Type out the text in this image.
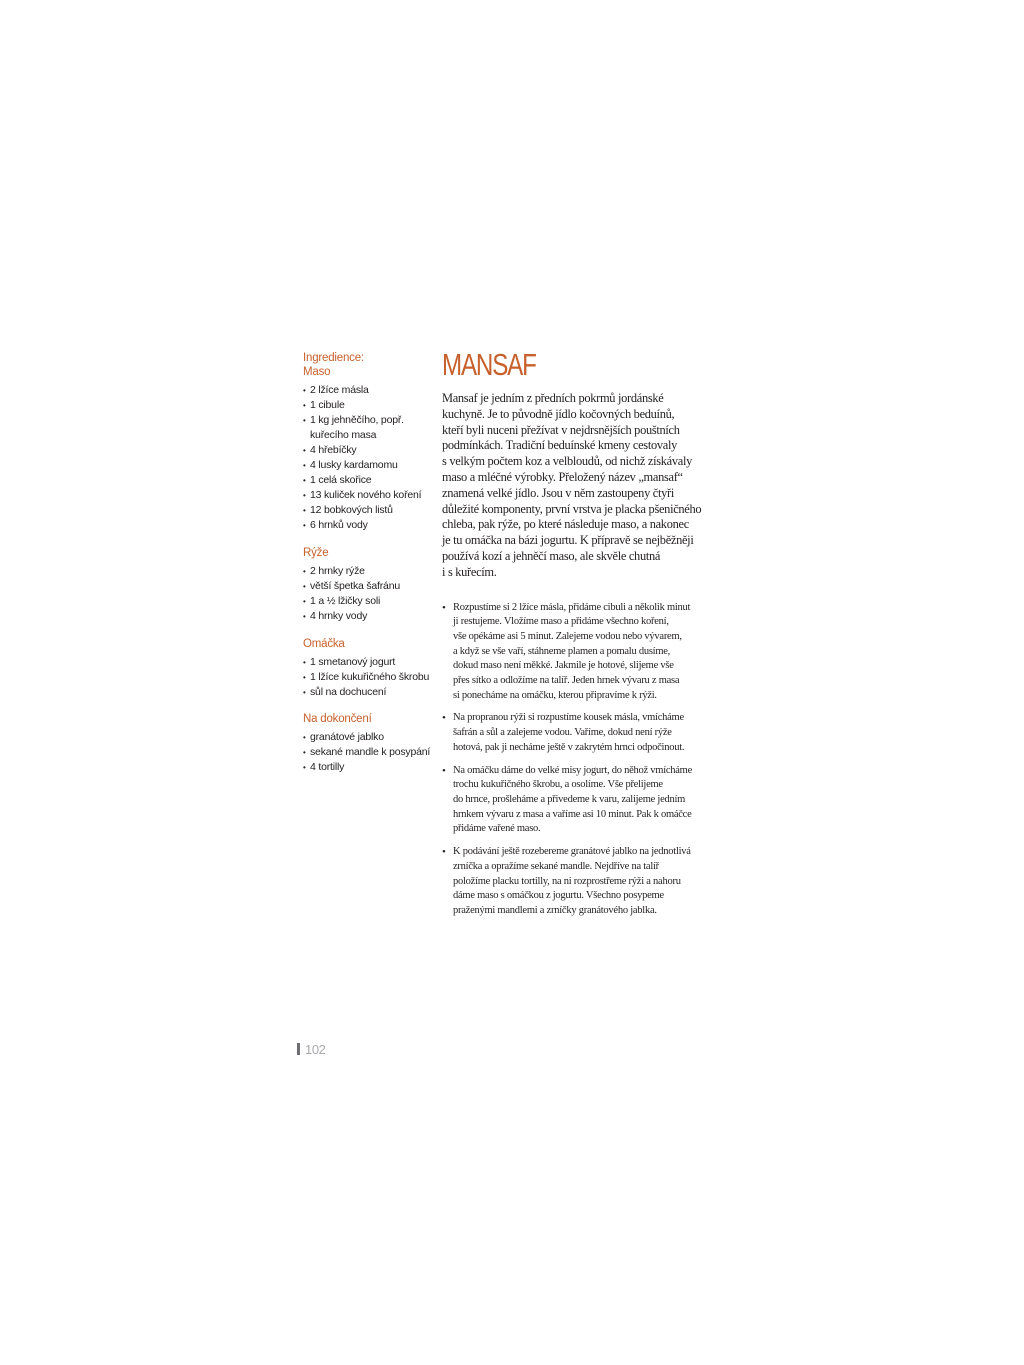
Ingredience:

Maso

• 2 lžíce másla
• 1 cibule
• 1 kg jehněčího, popř.
kuřecího masa
• 4 hřebíčky
• 4 lusky kardamomu
• 1 celá skořice
• 13 kuliček nového koření
• 12 bobkových listů
• 6 hrnků vody

Rýže

• 2 hrnky rýže
• větší špetka šafránu
• 1 a ½ lžičky soli
• 4 hrnky vody

Omáčka

• 1 smetanový jogurt
• 1 lžíce kukuřičného škrobu
• sůl na dochucení

Na dokončení

• granátové jablko
• sekané mandle k posypání
• 4 tortilly
MANSAF

Mansaf je jedním z předních pokrmů jordánské
kuchyně. Je to původně jídlo kočovných beduínů,
kteří byli nuceni přežívat v nejdrsnějších pouštních
podmínkách. Tradiční beduínské kmeny cestovaly
s velkým počtem koz a velbloudů, od nichž získávaly
maso a mléčné výrobky. Přeložený název „mansaf“
znamená velké jídlo. Jsou v něm zastoupeny čtyři
důležité komponenty, první vrstva je placka pšeničného
chleba, pak rýže, po které následuje maso, a nakonec
je tu omáčka na bázi jogurtu. K přípravě se nejběžněji
používá kozí a jehněčí maso, ale skvěle chutná
i s kuřecím.

• Rozpustíme si 2 lžíce másla, přidáme cibuli a několik minut
ji restujeme. Vložíme maso a přidáme všechno koření,
vše opékáme asi 5 minut. Zalejeme vodou nebo vývarem,
a když se vše vaří, stáhneme plamen a pomalu dusíme,
dokud maso není měkké. Jakmile je hotové, slijeme vše
přes sítko a odložíme na talíř. Jeden hrnek vývaru z masa
si ponecháme na omáčku, kterou připravíme k rýži.
• Na propranou rýži si rozpustíme kousek másla, vmícháme
šafrán a sůl a zalejeme vodou. Vaříme, dokud není rýže
hotová, pak ji necháme ještě v zakrytém hrnci odpočinout.
• Na omáčku dáme do velké misy jogurt, do něhož vmícháme
trochu kukuřičného škrobu, a osolíme. Vše přelijeme
do hrnce, prošleháme a přivedeme k varu, zalijeme jedním
hrnkem vývaru z masa a vaříme asi 10 minut. Pak k omáčce
přidáme vařené maso.
• K podávání ještě rozebereme granátové jablko na jednotlivá
zrníčka a opražíme sekané mandle. Nejdříve na talíř
položíme placku tortilly, na ni rozprostřeme rýži a nahoru
dáme maso s omáčkou z jogurtu. Všechno posypeme
praženými mandlemi a zrníčky granátového jablka.
102
